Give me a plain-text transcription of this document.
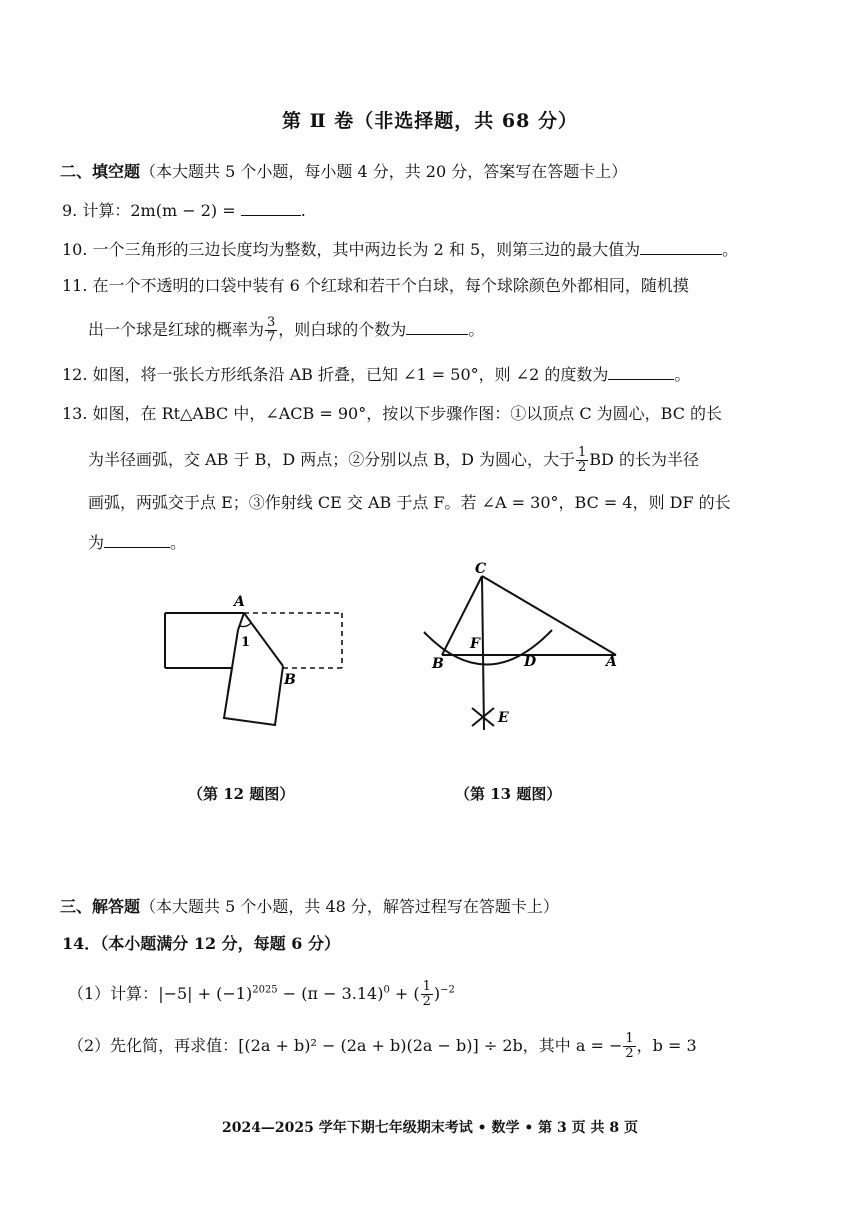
第 Ⅱ 卷（非选择题，共 68 分）
二、填空题（本大题共 5 个小题，每小题 4 分，共 20 分，答案写在答题卡上）
9. 计算：2m(m − 2) =	.
10. 一个三角形的三边长度均为整数，其中两边长为 2 和 5，则第三边的最大值为	。
11. 在一个不透明的口袋中装有 6 个红球和若干个白球，每个球除颜色外都相同，随机摸
出一个球是红球的概率为 $\frac{3}{7}$ ，则白球的个数为	。
12. 如图，将一张长方形纸条沿 AB 折叠，已知 ∠1 = 50°，则 ∠2 的度数为	。
13. 如图，在 Rt△ABC 中，∠ACB = 90°，按以下步骤作图：①以顶点 C 为圆心，BC 的长
为半径画弧，交 AB 于 B，D 两点；②分别以点 B，D 为圆心，大于 $\frac{1}{2}$ BD 的长为半径
画弧，两弧交于点 E；③作射线 CE 交 AB 于点 F。若 ∠A = 30°，BC = 4，则 DF 的长
为	。
A
B
1
（第 12 题图）
C
F
B	D	A
E
（第 13 题图）
三、解答题（本大题共 5 个小题，共 48 分，解答过程写在答题卡上）
14．（本小题满分 12 分，每题 6 分）
（1）计算：$|-5| + (-1)^{2025} - (\pi - 3.14)^0$ + ( $\frac{1}{2} )^{-2}$
（2）先化简，再求值：[(2a + b)² − (2a + b)(2a − b)] ÷ 2b，其中 a = − $\frac{1}{2}$ ，b = 3
2024—2025 学年下期七年级期末考试 • 数学 • 第 3 页 共 8 页
